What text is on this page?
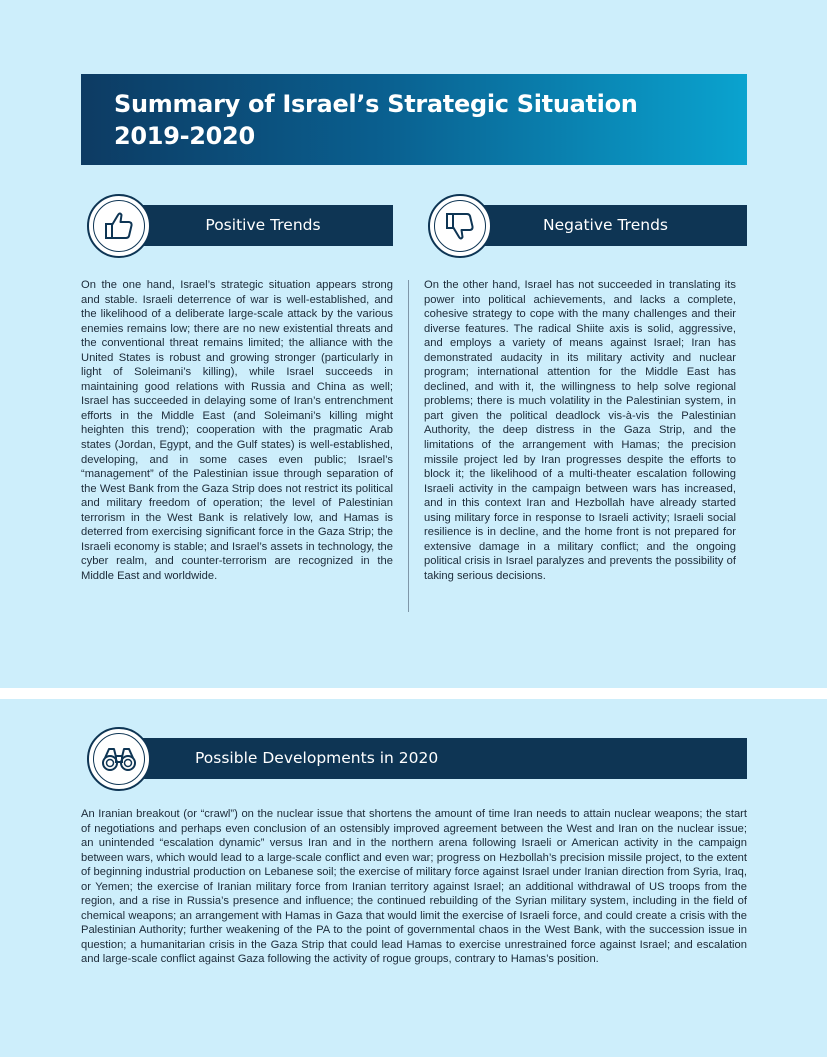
Summary of Israel’s Strategic Situation
2019-2020
Positive Trends	Negative Trends
On the one hand, Israel’s strategic situation appears strong and stable. Israeli deterrence of war is well-established, and the likelihood of a deliberate large-scale attack by the various enemies remains low; there are no new existential threats and the conventional threat remains limited; the alliance with the United States is robust and growing stronger (particularly in light of Soleimani’s killing), while Israel succeeds in maintaining good relations with Russia and China as well; Israel has succeeded in delaying some of Iran’s entrenchment efforts in the Middle East (and Soleimani’s killing might heighten this trend); cooperation with the pragmatic Arab states (Jordan, Egypt, and the Gulf states) is well-established, developing, and in some cases even public; Israel’s “management” of the Palestinian issue through separation of the West Bank from the Gaza Strip does not restrict its political and military freedom of operation; the level of Palestinian terrorism in the West Bank is relatively low, and Hamas is deterred from exercising significant force in the Gaza Strip; the Israeli economy is stable; and Israel’s assets in technology, the cyber realm, and counter-terrorism are recognized in the Middle East and worldwide.
On the other hand, Israel has not succeeded in translating its power into political achievements, and lacks a complete, cohesive strategy to cope with the many challenges and their diverse features. The radical Shiite axis is solid, aggressive, and employs a variety of means against Israel; Iran has demonstrated audacity in its military activity and nuclear program; international attention for the Middle East has declined, and with it, the willingness to help solve regional problems; there is much volatility in the Palestinian system, in part given the political deadlock vis-à-vis the Palestinian Authority, the deep distress in the Gaza Strip, and the limitations of the arrangement with Hamas; the precision missile project led by Iran progresses despite the efforts to block it; the likelihood of a multi-theater escalation following Israeli activity in the campaign between wars has increased, and in this context Iran and Hezbollah have already started using military force in response to Israeli activity; Israeli social resilience is in decline, and the home front is not prepared for extensive damage in a military conflict; and the ongoing political crisis in Israel paralyzes and prevents the possibility of taking serious decisions.
Possible Developments in 2020
An Iranian breakout (or “crawl”) on the nuclear issue that shortens the amount of time Iran needs to attain nuclear weapons; the start of negotiations and perhaps even conclusion of an ostensibly improved agreement between the West and Iran on the nuclear issue; an unintended “escalation dynamic” versus Iran and in the northern arena following Israeli or American activity in the campaign between wars, which would lead to a large-scale conflict and even war; progress on Hezbollah’s precision missile project, to the extent of beginning industrial production on Lebanese soil; the exercise of military force against Israel under Iranian direction from Syria, Iraq, or Yemen; the exercise of Iranian military force from Iranian territory against Israel; an additional withdrawal of US troops from the region, and a rise in Russia’s presence and influence; the continued rebuilding of the Syrian military system, including in the field of chemical weapons; an arrangement with Hamas in Gaza that would limit the exercise of Israeli force, and could create a crisis with the Palestinian Authority; further weakening of the PA to the point of governmental chaos in the West Bank, with the succession issue in question; a humanitarian crisis in the Gaza Strip that could lead Hamas to exercise unrestrained force against Israel; and escalation and large-scale conflict against Gaza following the activity of rogue groups, contrary to Hamas’s position.
